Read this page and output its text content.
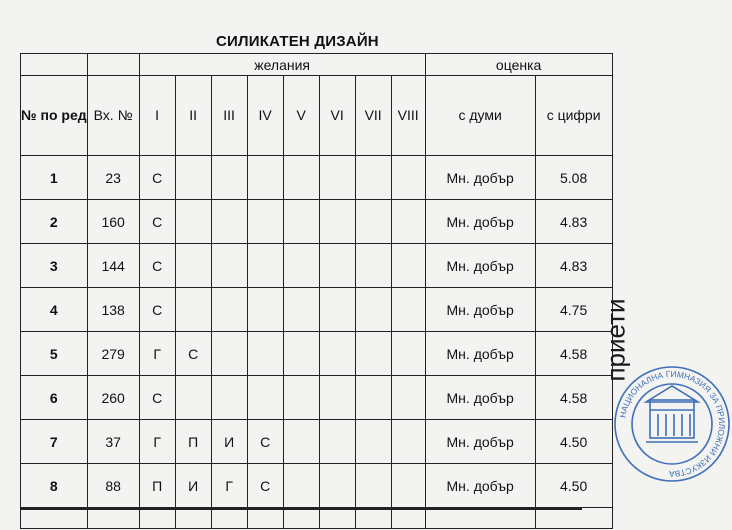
СИЛИКАТЕН ДИЗАЙН
		желания								оценка	
№ по ред	Вх. №	I	II	III	IV	V	VI	VII	VIII	с думи	с цифри
1	23	С								Мн. добър	5.08
2	160	С								Мн. добър	4.83
3	144	С								Мн. добър	4.83
4	138	С								Мн. добър	4.75
5	279	Г	С							Мн. добър	4.58
6	260	С								Мн. добър	4.58
7	37	Г	П	И	С					Мн. добър	4.50
8	88	П	И	Г	С					Мн. добър	4.50

приети
НАЦИОНАЛНА ГИМНАЗИЯ ЗА ПРИЛОЖНИ ИЗКУСТВА
